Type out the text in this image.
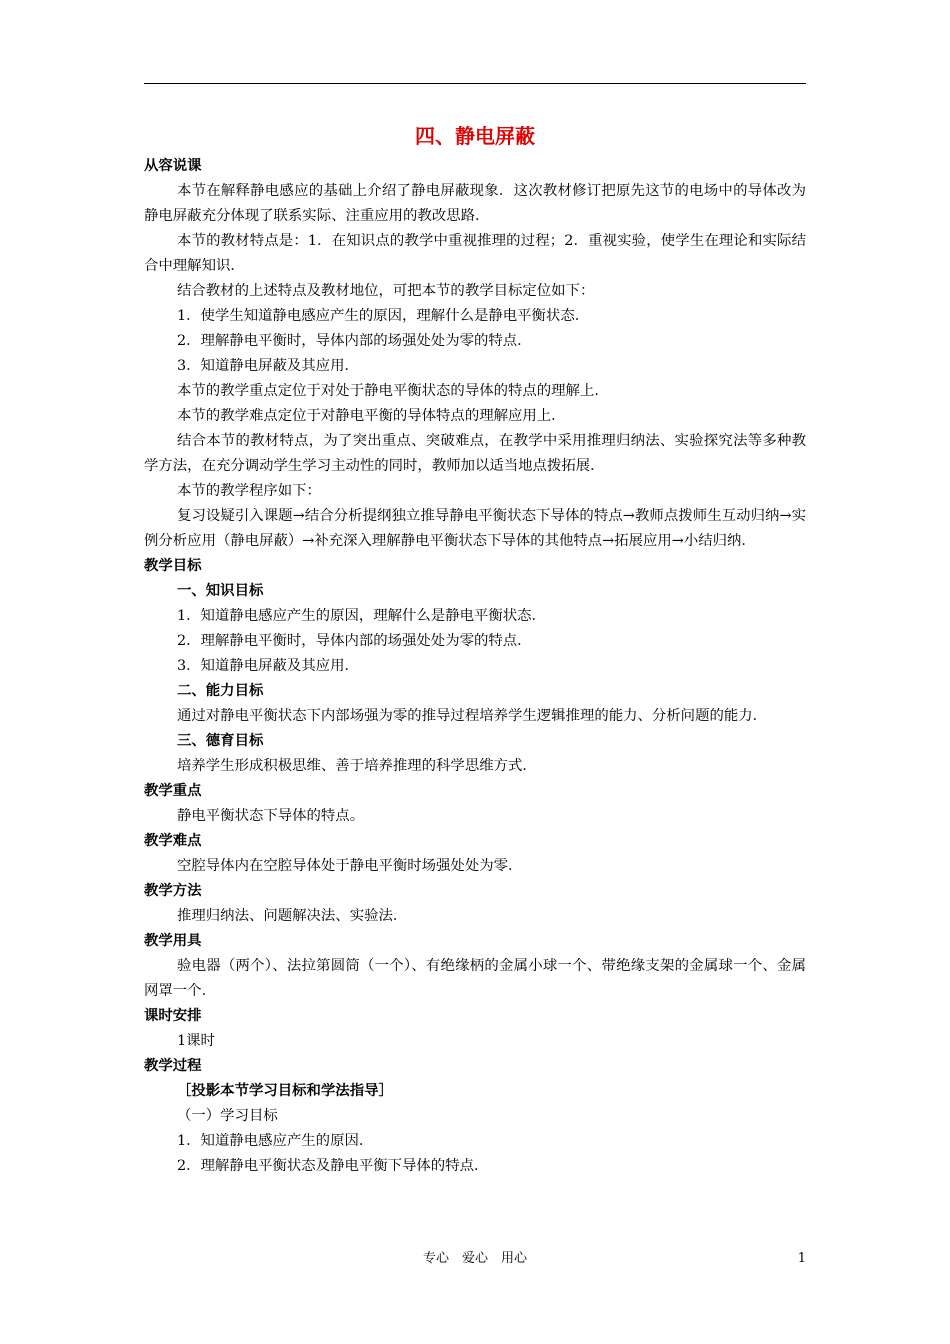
四、静电屏蔽
从容说课
本节在解释静电感应的基础上介绍了静电屏蔽现象．这次教材修订把原先这节的电场中的导体改为静电屏蔽充分体现了联系实际、注重应用的教改思路．
本节的教材特点是：1．在知识点的教学中重视推理的过程；2．重视实验，使学生在理论和实际结合中理解知识．
结合教材的上述特点及教材地位，可把本节的教学目标定位如下：
1．使学生知道静电感应产生的原因，理解什么是静电平衡状态．
2．理解静电平衡时，导体内部的场强处处为零的特点．
3．知道静电屏蔽及其应用．
本节的教学重点定位于对处于静电平衡状态的导体的特点的理解上．
本节的教学难点定位于对静电平衡的导体特点的理解应用上．
结合本节的教材特点，为了突出重点、突破难点，在教学中采用推理归纳法、实验探究法等多种教学方法，在充分调动学生学习主动性的同时，教师加以适当地点拨拓展．
本节的教学程序如下：
复习设疑引入课题→结合分析提纲独立推导静电平衡状态下导体的特点→教师点拨师生互动归纳→实例分析应用（静电屏蔽）→补充深入理解静电平衡状态下导体的其他特点→拓展应用→小结归纳．
教学目标
一、知识目标
1．知道静电感应产生的原因，理解什么是静电平衡状态．
2．理解静电平衡时，导体内部的场强处处为零的特点．
3．知道静电屏蔽及其应用．
二、能力目标
通过对静电平衡状态下内部场强为零的推导过程培养学生逻辑推理的能力、分析问题的能力．
三、德育目标
培养学生形成积极思维、善于培养推理的科学思维方式．
教学重点
静电平衡状态下导体的特点。
教学难点
空腔导体内在空腔导体处于静电平衡时场强处处为零．
教学方法
推理归纳法、问题解决法、实验法．
教学用具
验电器（两个）、法拉第圆筒（一个）、有绝缘柄的金属小球一个、带绝缘支架的金属球一个、金属网罩一个．
课时安排
1课时
教学过程
［投影本节学习目标和学法指导］
（一）学习目标
1．知道静电感应产生的原因．
2．理解静电平衡状态及静电平衡下导体的特点．
专心　爱心　用心	1
